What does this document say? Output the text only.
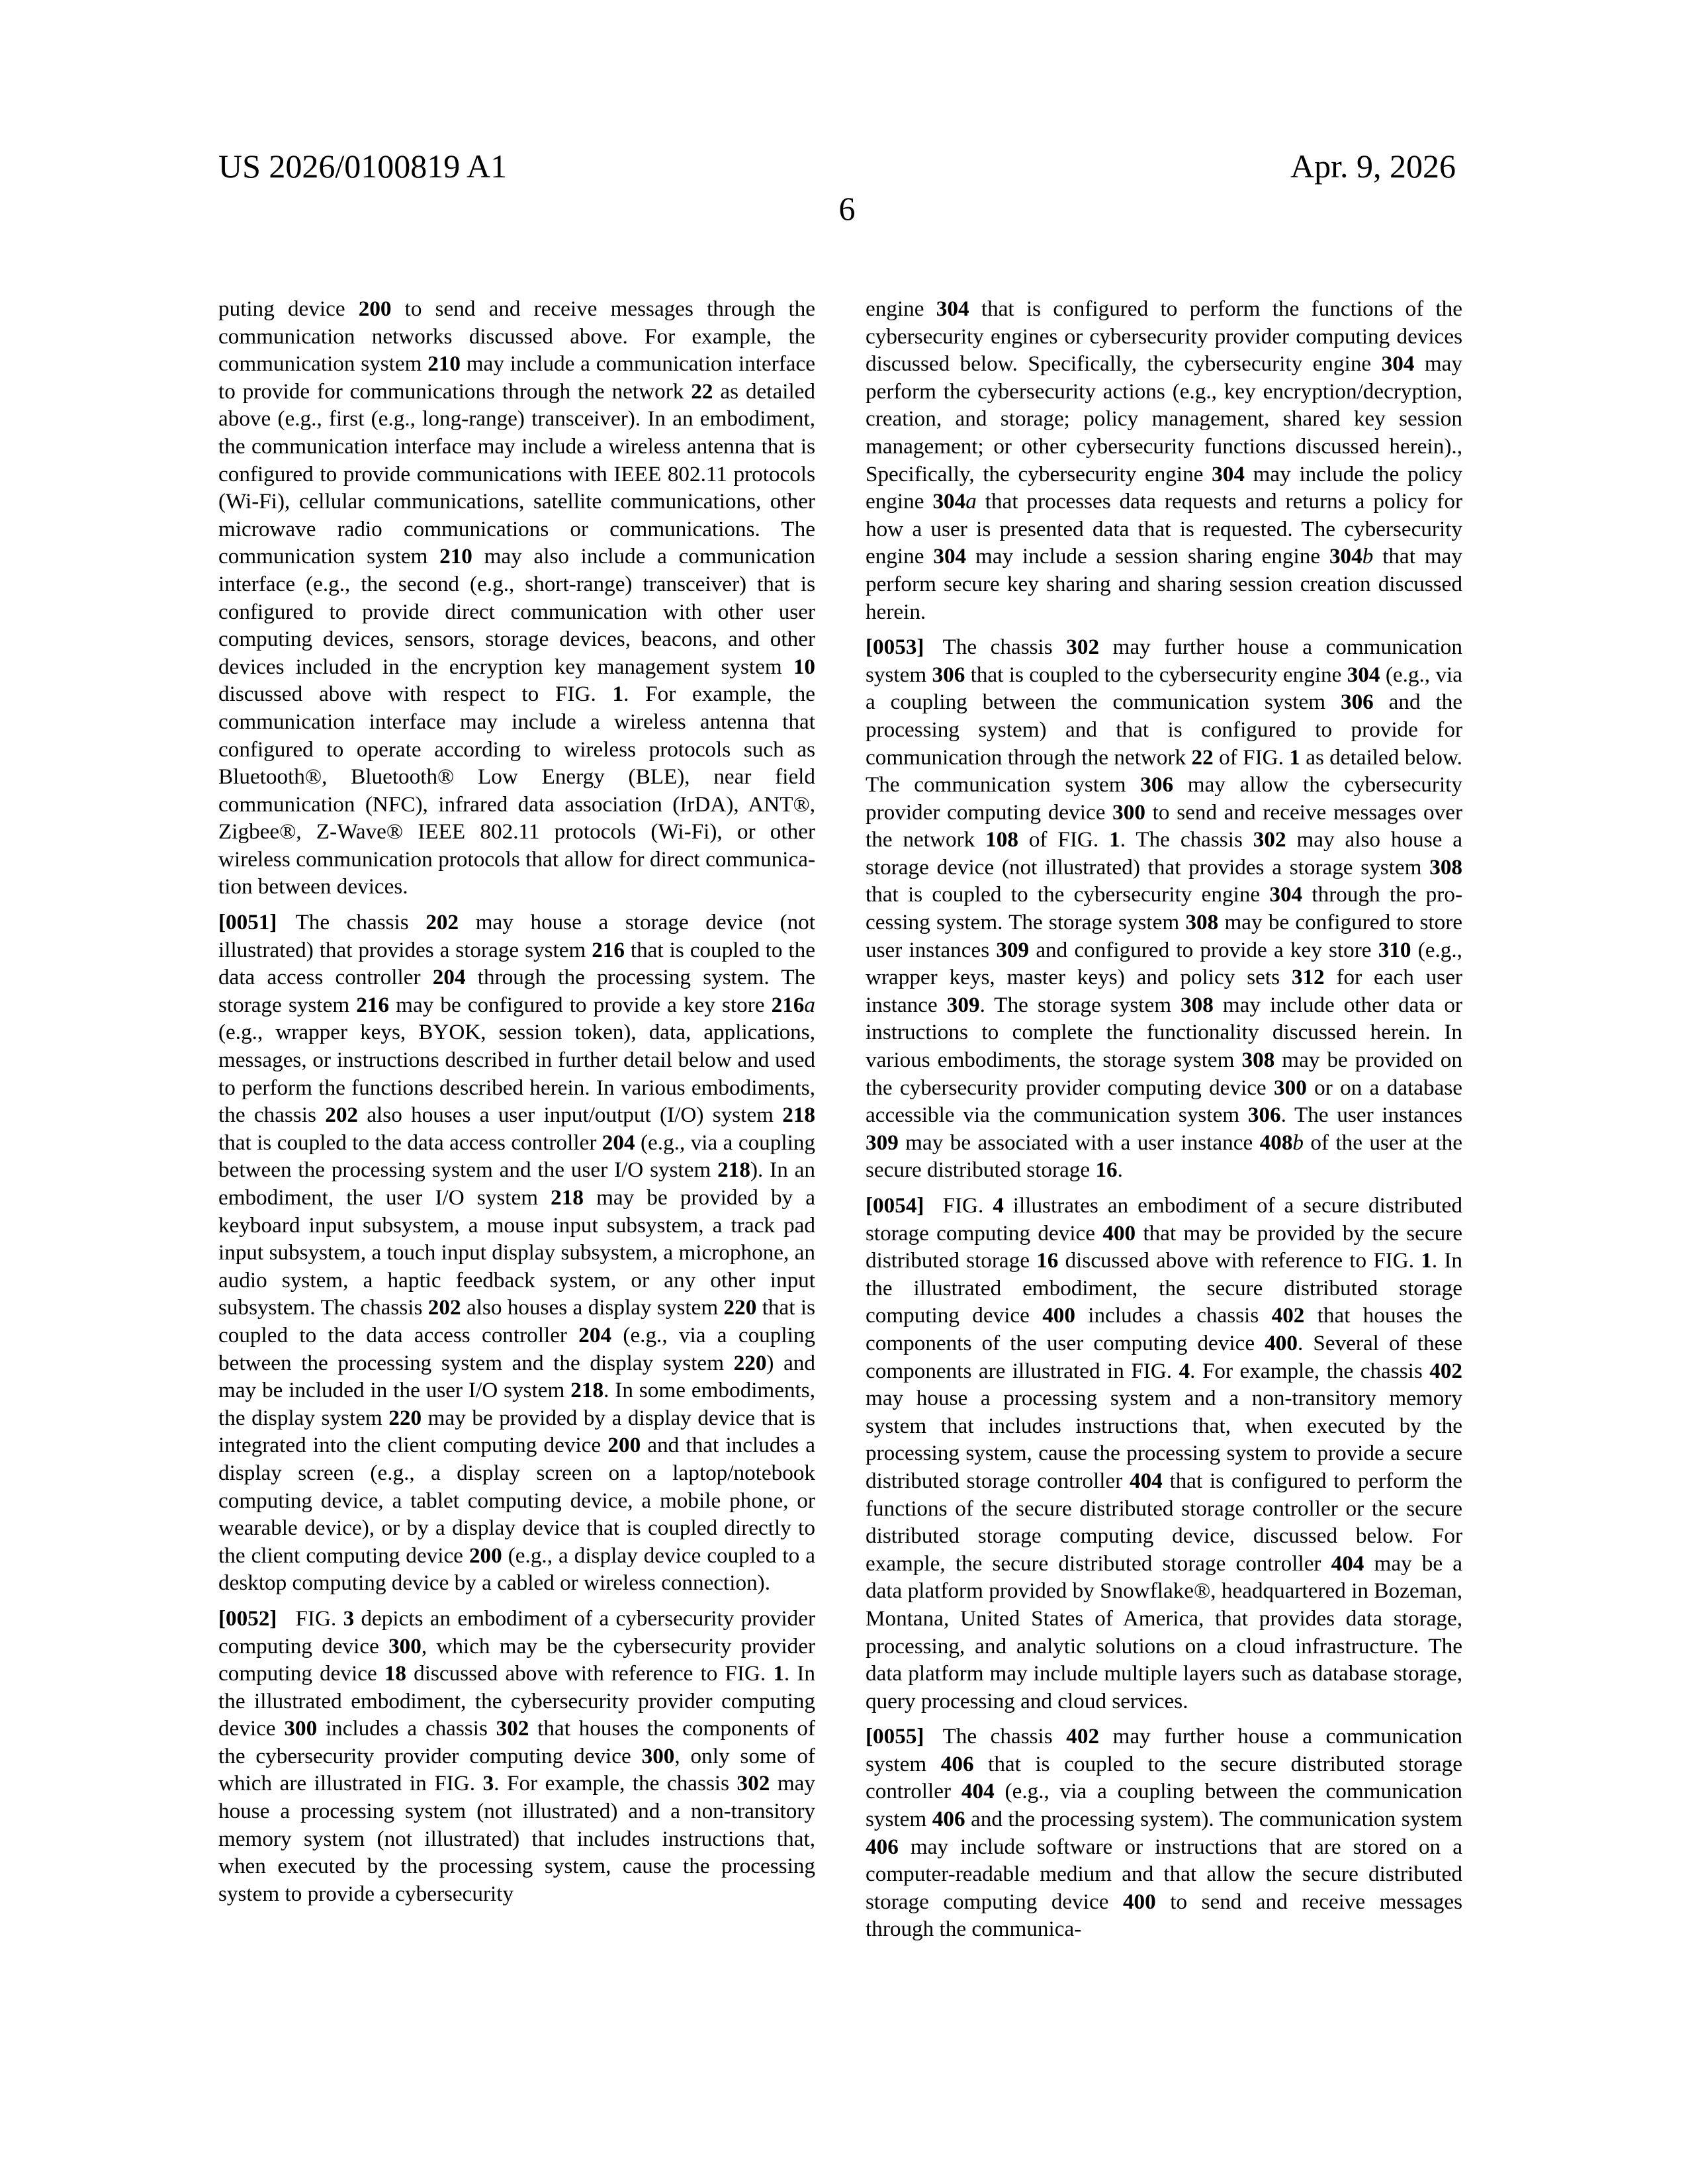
US 2026/0100819 A1	Apr. 9, 2026
6

puting device 200 to send and receive messages through the communication networks discussed above. For example, the communication system 210 may include a communication interface to provide for communications through the network 22 as detailed above (e.g., first (e.g., long-range) transceiver). In an embodiment, the communication interface may include a wireless antenna that is configured to provide communications with IEEE 802.11 protocols (Wi-Fi), cellular communications, satellite communications, other microwave radio communications or communications. The communication system 210 may also include a communication interface (e.g., the second (e.g., short-range) transceiver) that is configured to provide direct communication with other user computing devices, sensors, storage devices, beacons, and other devices included in the encryption key management system 10 discussed above with respect to FIG. 1. For example, the communication interface may include a wireless antenna that configured to operate according to wireless protocols such as Bluetooth®, Bluetooth® Low Energy (BLE), near field communication (NFC), infrared data association (IrDA), ANT®, Zigbee®, Z-Wave® IEEE 802.11 protocols (Wi-Fi), or other wireless communication protocols that allow for direct communication between devices.

[0051] The chassis 202 may house a storage device (not illustrated) that provides a storage system 216 that is coupled to the data access controller 204 through the processing system. The storage system 216 may be configured to provide a key store 216a (e.g., wrapper keys, BYOK, session token), data, applications, messages, or instructions described in further detail below and used to perform the functions described herein. In various embodiments, the chassis 202 also houses a user input/output (I/O) system 218 that is coupled to the data access controller 204 (e.g., via a coupling between the processing system and the user I/O system 218). In an embodiment, the user I/O system 218 may be provided by a keyboard input subsystem, a mouse input subsystem, a track pad input subsystem, a touch input display subsystem, a microphone, an audio system, a haptic feedback system, or any other input subsystem. The chassis 202 also houses a display system 220 that is coupled to the data access controller 204 (e.g., via a coupling between the processing system and the display system 220) and may be included in the user I/O system 218. In some embodiments, the display system 220 may be provided by a display device that is integrated into the client computing device 200 and that includes a display screen (e.g., a display screen on a laptop/notebook computing device, a tablet computing device, a mobile phone, or wearable device), or by a display device that is coupled directly to the client computing device 200 (e.g., a display device coupled to a desktop computing device by a cabled or wireless connection).

[0052] FIG. 3 depicts an embodiment of a cybersecurity provider computing device 300, which may be the cybersecurity provider computing device 18 discussed above with reference to FIG. 1. In the illustrated embodiment, the cybersecurity provider computing device 300 includes a chassis 302 that houses the components of the cybersecurity provider computing device 300, only some of which are illustrated in FIG. 3. For example, the chassis 302 may house a processing system (not illustrated) and a non-transitory memory system (not illustrated) that includes instructions that, when executed by the processing system, cause the processing system to provide a cybersecurity

engine 304 that is configured to perform the functions of the cybersecurity engines or cybersecurity provider computing devices discussed below. Specifically, the cybersecurity engine 304 may perform the cybersecurity actions (e.g., key encryption/decryption, creation, and storage; policy management, shared key session management; or other cybersecurity functions discussed herein)., Specifically, the cybersecurity engine 304 may include the policy engine 304a that processes data requests and returns a policy for how a user is presented data that is requested. The cybersecurity engine 304 may include a session sharing engine 304b that may perform secure key sharing and sharing session creation discussed herein.

[0053] The chassis 302 may further house a communication system 306 that is coupled to the cybersecurity engine 304 (e.g., via a coupling between the communication system 306 and the processing system) and that is configured to provide for communication through the network 22 of FIG. 1 as detailed below. The communication system 306 may allow the cybersecurity provider computing device 300 to send and receive messages over the network 108 of FIG. 1. The chassis 302 may also house a storage device (not illustrated) that provides a storage system 308 that is coupled to the cybersecurity engine 304 through the processing system. The storage system 308 may be configured to store user instances 309 and configured to provide a key store 310 (e.g., wrapper keys, master keys) and policy sets 312 for each user instance 309. The storage system 308 may include other data or instructions to complete the functionality discussed herein. In various embodiments, the storage system 308 may be provided on the cybersecurity provider computing device 300 or on a database accessible via the communication system 306. The user instances 309 may be associated with a user instance 408b of the user at the secure distributed storage 16.

[0054] FIG. 4 illustrates an embodiment of a secure distributed storage computing device 400 that may be provided by the secure distributed storage 16 discussed above with reference to FIG. 1. In the illustrated embodiment, the secure distributed storage computing device 400 includes a chassis 402 that houses the components of the user computing device 400. Several of these components are illustrated in FIG. 4. For example, the chassis 402 may house a processing system and a non-transitory memory system that includes instructions that, when executed by the processing system, cause the processing system to provide a secure distributed storage controller 404 that is configured to perform the functions of the secure distributed storage controller or the secure distributed storage computing device, discussed below. For example, the secure distributed storage controller 404 may be a data platform provided by Snowflake®, headquartered in Bozeman, Montana, United States of America, that provides data storage, processing, and analytic solutions on a cloud infrastructure. The data platform may include multiple layers such as database storage, query processing and cloud services.

[0055] The chassis 402 may further house a communication system 406 that is coupled to the secure distributed storage controller 404 (e.g., via a coupling between the communication system 406 and the processing system). The communication system 406 may include software or instructions that are stored on a computer-readable medium and that allow the secure distributed storage computing device 400 to send and receive messages through the communica-
